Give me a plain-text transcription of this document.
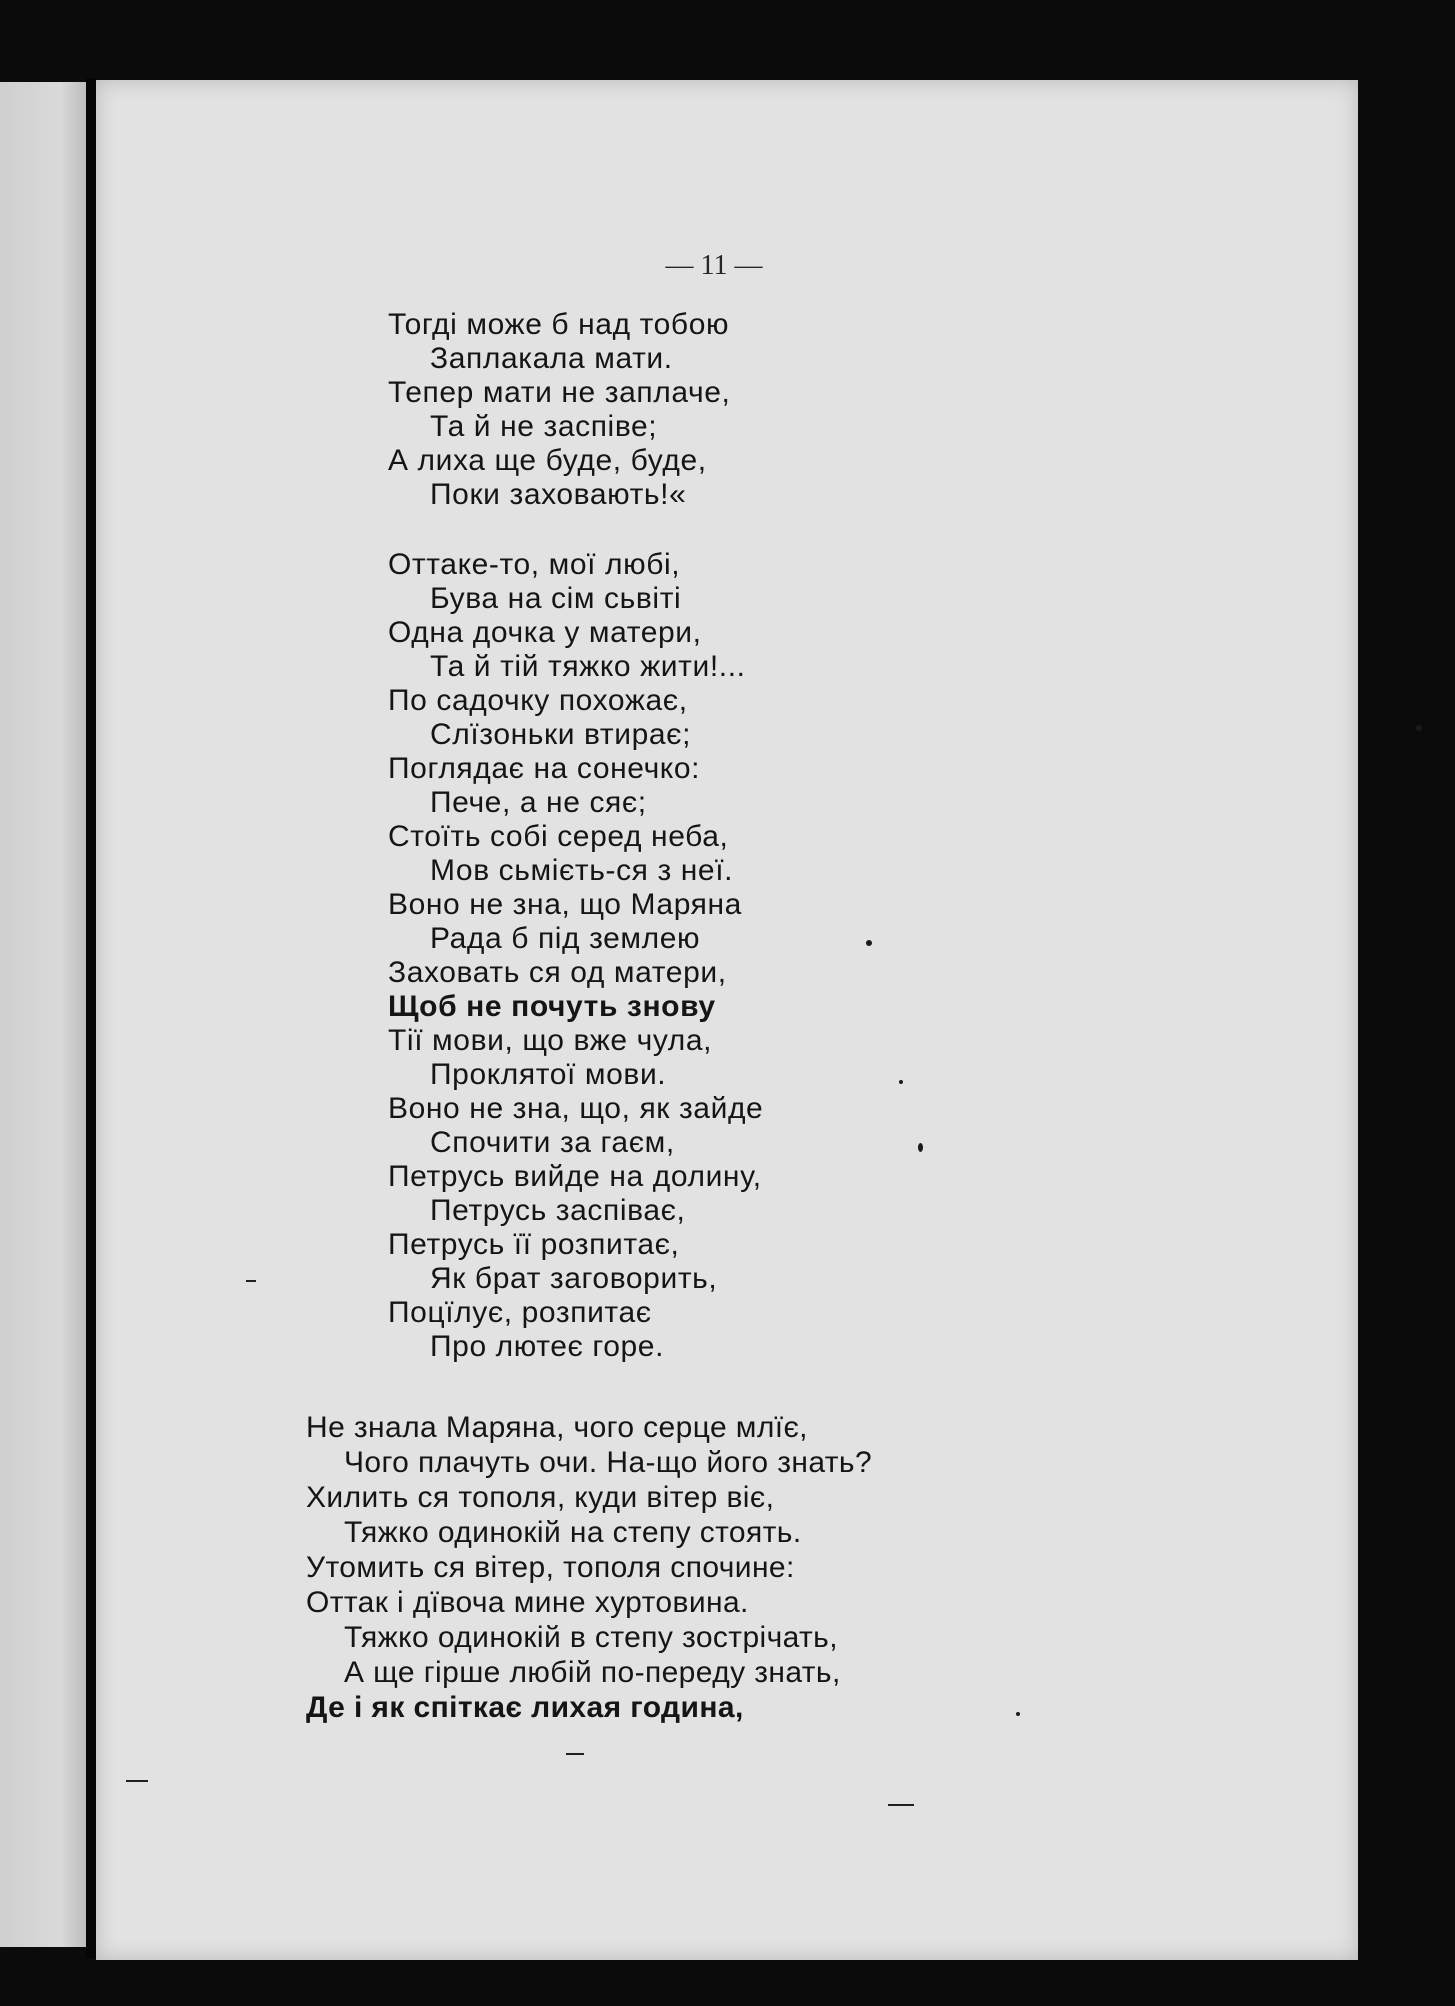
— 11 —

Тогді може б над тобою
Заплакала мати.
Тепер мати не заплаче,
Та й не заспіве;
А лиха ще буде, буде,
Поки заховають!«
Оттаке-то, мої любі,
Бува на сім сьвіті
Одна дочка у матери,
Та й тій тяжко жити!...
По садочку похожає,
Слїзоньки втирає;
Поглядає на сонечко:
Пече, а не сяє;
Стоїть собі серед неба,
Мов сьмієть-ся з неї.
Воно не зна, що Маряна
Рада б під землею
Заховать ся од матери,
Щоб не почуть знову
Тії мови, що вже чула,
Проклятої мови.
Воно не зна, що, як зайде
Спочити за гаєм,
Петрусь вийде на долину,
Петрусь заспіває,
Петрусь її розпитає,
Як брат заговорить,
Поцїлує, розпитає
Про лютеє горе.
Не знала Маряна, чого серце млїє,
Чого плачуть очи. На-що його знать?
Хилить ся тополя, куди вітер віє,
Тяжко одинокій на степу стоять.
Утомить ся вітер, тополя спочине:
Оттак і дївоча мине хуртовина.
Тяжко одинокій в степу зострічать,
А ще гірше любій по-переду знать,
Де і як спіткає лихая година,
